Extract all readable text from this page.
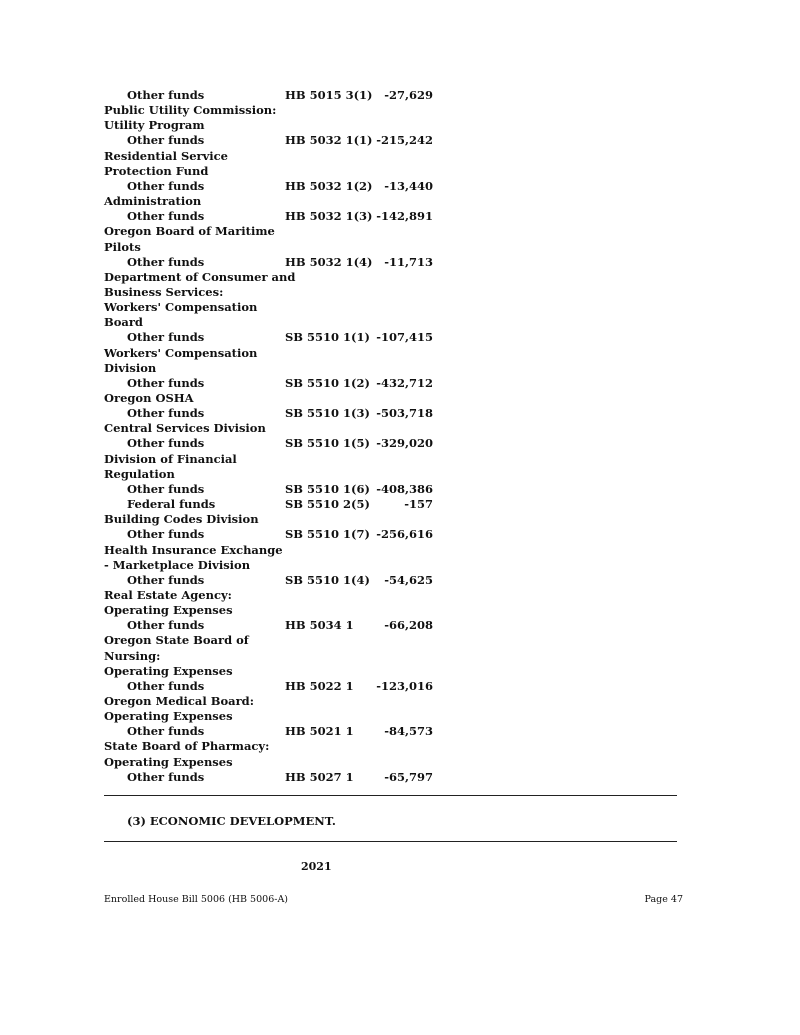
Other funds	HB 5015 3(1)	-27,629
Public Utility Commission:
Utility Program
Other funds	HB 5032 1(1) -215,242
Residential Service
Protection Fund
Other funds	HB 5032 1(2)	-13,440
Administration
Other funds	HB 5032 1(3) -142,891
Oregon Board of Maritime
Pilots
Other funds	HB 5032 1(4)	-11,713
Department of Consumer and
Business Services:
Workers' Compensation
Board
Other funds	SB 5510 1(1) -107,415
Workers' Compensation
Division
Other funds	SB 5510 1(2) -432,712
Oregon OSHA
Other funds	SB 5510 1(3) -503,718
Central Services Division
Other funds	SB 5510 1(5) -329,020
Division of Financial
Regulation
Other funds	SB 5510 1(6) -408,386
Federal funds	SB 5510 2(5)	-157
Building Codes Division
Other funds	SB 5510 1(7) -256,616
Health Insurance Exchange
- Marketplace Division
Other funds	SB 5510 1(4)	-54,625
Real Estate Agency:
Operating Expenses
Other funds	HB 5034 1	-66,208
Oregon State Board of
Nursing:
Operating Expenses
Other funds	HB 5022 1	-123,016
Oregon Medical Board:
Operating Expenses
Other funds	HB 5021 1	-84,573
State Board of Pharmacy:
Operating Expenses
Other funds	HB 5027 1	-65,797
(3) ECONOMIC DEVELOPMENT.
2021
Enrolled House Bill 5006 (HB 5006-A)	Page 47
